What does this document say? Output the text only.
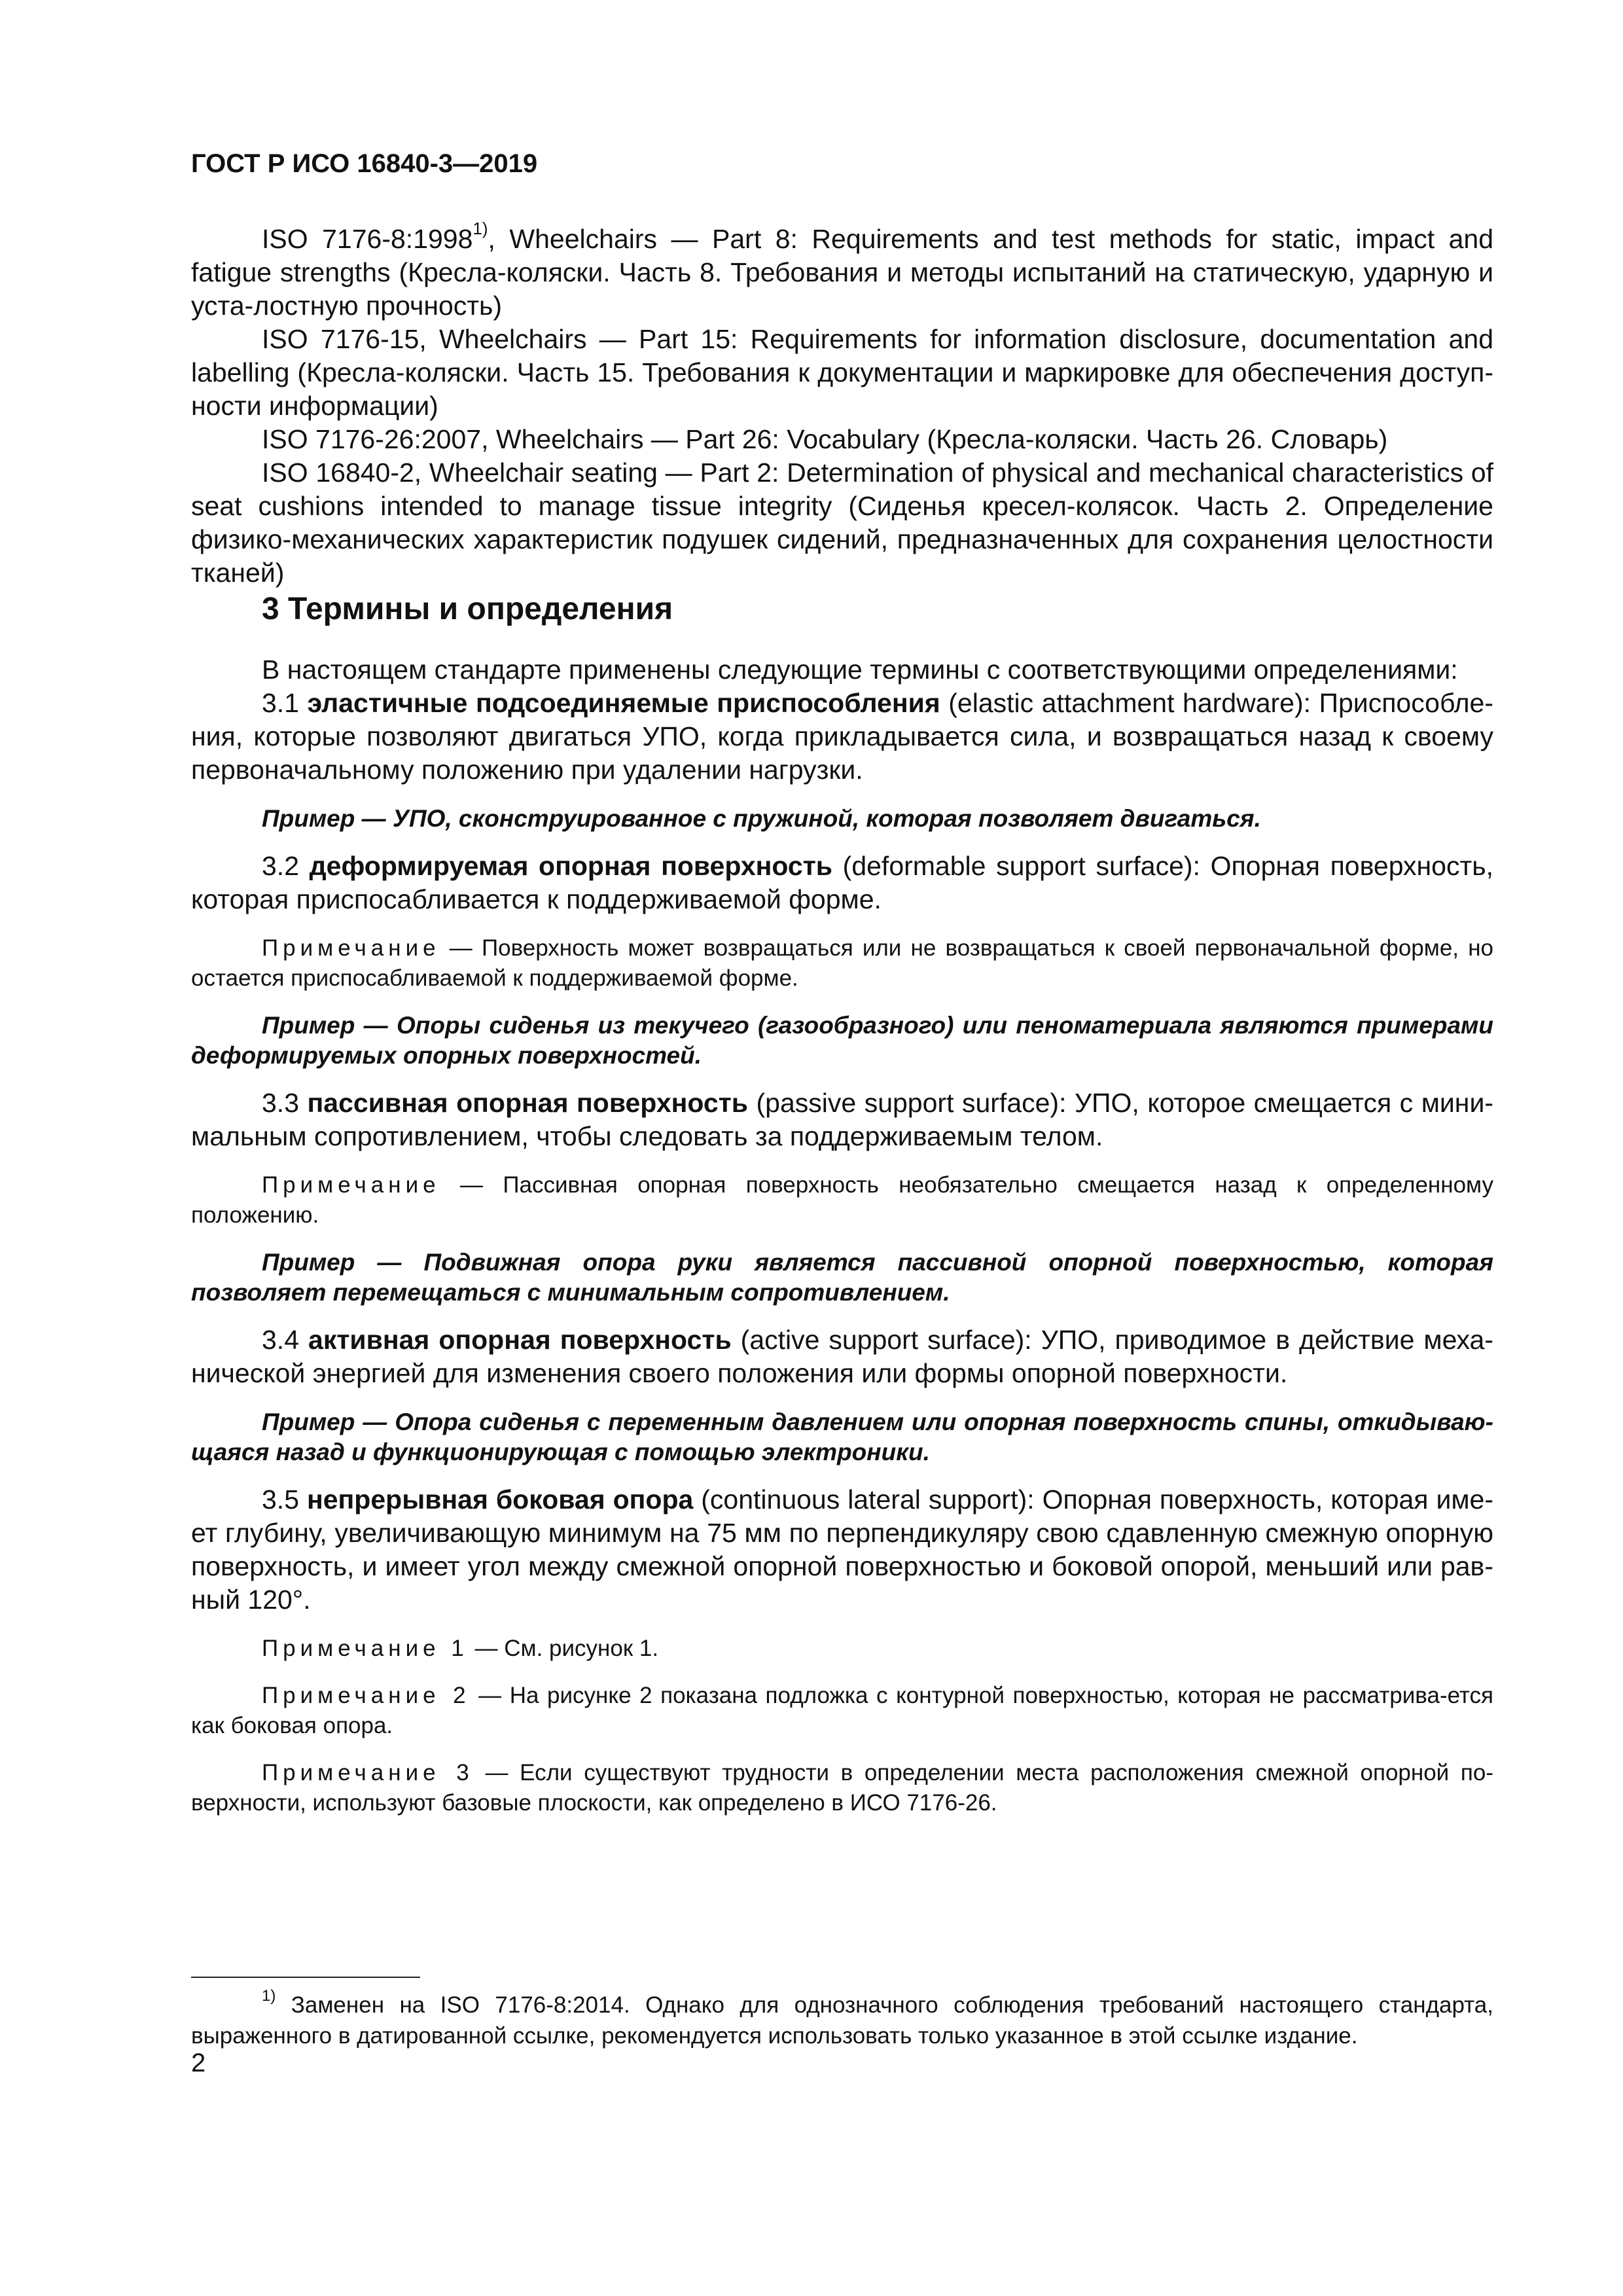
ГОСТ Р ИСО 16840-3—2019

ISO 7176-8:1998$^{1)}$, Wheelchairs — Part 8: Requirements and test methods for static, impact and fatigue strengths (Кресла-коляски. Часть 8. Требования и методы испытаний на статическую, ударную и уста-лостную прочность)

ISO 7176-15, Wheelchairs — Part 15: Requirements for information disclosure, documentation and labelling (Кресла-коляски. Часть 15. Требования к документации и маркировке для обеспечения доступ-ности информации)

ISO 7176-26:2007, Wheelchairs — Part 26: Vocabulary (Кресла-коляски. Часть 26. Словарь)

ISO 16840-2, Wheelchair seating — Part 2: Determination of physical and mechanical characteristics of seat cushions intended to manage tissue integrity (Сиденья кресел-колясок. Часть 2. Определение физико-механических характеристик подушек сидений, предназначенных для сохранения целостности тканей)

3 Термины и определения

В настоящем стандарте применены следующие термины с соответствующими определениями:

3.1 эластичные подсоединяемые приспособления (elastic attachment hardware): Приспособле-ния, которые позволяют двигаться УПО, когда прикладывается сила, и возвращаться назад к своему первоначальному положению при удалении нагрузки.

Пример — УПО, сконструированное с пружиной, которая позволяет двигаться.

3.2 деформируемая опорная поверхность (deformable support surface): Опорная поверхность, которая приспосабливается к поддерживаемой форме.

Примечание — Поверхность может возвращаться или не возвращаться к своей первоначальной форме, но остается приспосабливаемой к поддерживаемой форме.

Пример — Опоры сиденья из текучего (газообразного) или пеноматериала являются примерами деформируемых опорных поверхностей.

3.3 пассивная опорная поверхность (passive support surface): УПО, которое смещается с мини-мальным сопротивлением, чтобы следовать за поддерживаемым телом.

Примечание — Пассивная опорная поверхность необязательно смещается назад к определенному положению.

Пример — Подвижная опора руки является пассивной опорной поверхностью, которая позволяет перемещаться с минимальным сопротивлением.

3.4 активная опорная поверхность (active support surface): УПО, приводимое в действие меха-нической энергией для изменения своего положения или формы опорной поверхности.

Пример — Опора сиденья с переменным давлением или опорная поверхность спины, откидываю-щаяся назад и функционирующая с помощью электроники.

3.5 непрерывная боковая опора (continuous lateral support): Опорная поверхность, которая име-ет глубину, увеличивающую минимум на 75 мм по перпендикуляру свою сдавленную смежную опорную поверхность, и имеет угол между смежной опорной поверхностью и боковой опорой, меньший или рав-ный 120°.

Примечание 1 — См. рисунок 1.

Примечание 2 — На рисунке 2 показана подложка с контурной поверхностью, которая не рассматрива-ется как боковая опора.

Примечание 3 — Если существуют трудности в определении места расположения смежной опорной по-верхности, используют базовые плоскости, как определено в ИСО 7176-26.

$^{1)}$ Заменен на ISO 7176-8:2014. Однако для однозначного соблюдения требований настоящего стандарта, выраженного в датированной ссылке, рекомендуется использовать только указанное в этой ссылке издание.

2
